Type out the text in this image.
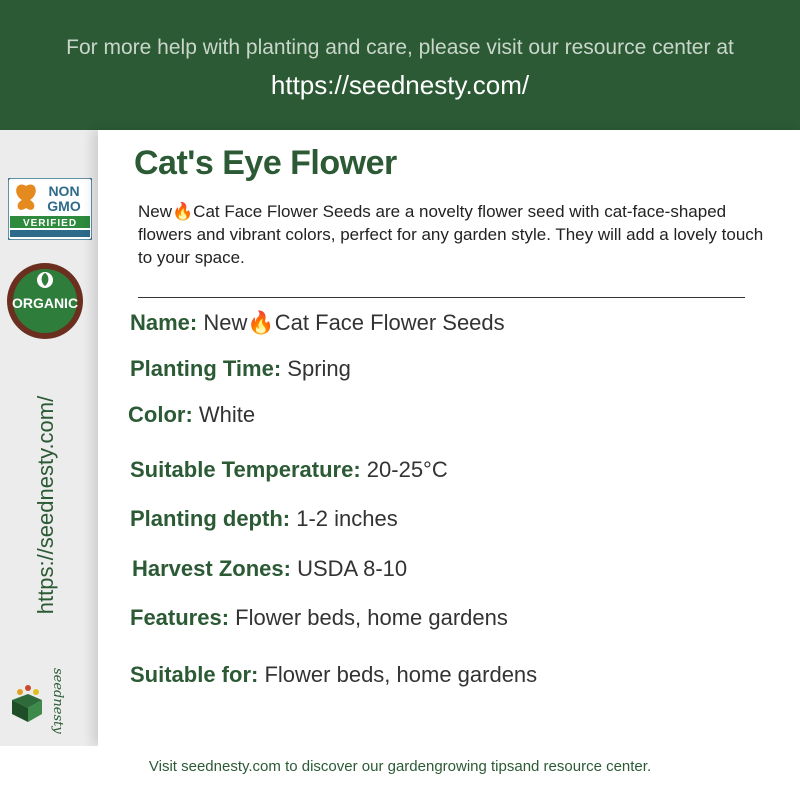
For more help with planting and care, please visit our resource center at
https://seednesty.com/
NON
GMO
VERIFIED
ORGANIC
https://seednesty.com/
seednesty
Cat's Eye Flower
New🔥Cat Face Flower Seeds are a novelty flower seed with cat-face-shaped flowers and vibrant colors, perfect for any garden style. They will add a lovely touch to your space.
Name: New🔥Cat Face Flower Seeds
Planting Time: Spring
Color: White
Suitable Temperature: 20-25°C
Planting depth: 1-2 inches
Harvest Zones: USDA 8-10
Features: Flower beds, home gardens
Suitable for: Flower beds, home gardens
Visit seednesty.com to discover our gardengrowing tipsand resource center.
